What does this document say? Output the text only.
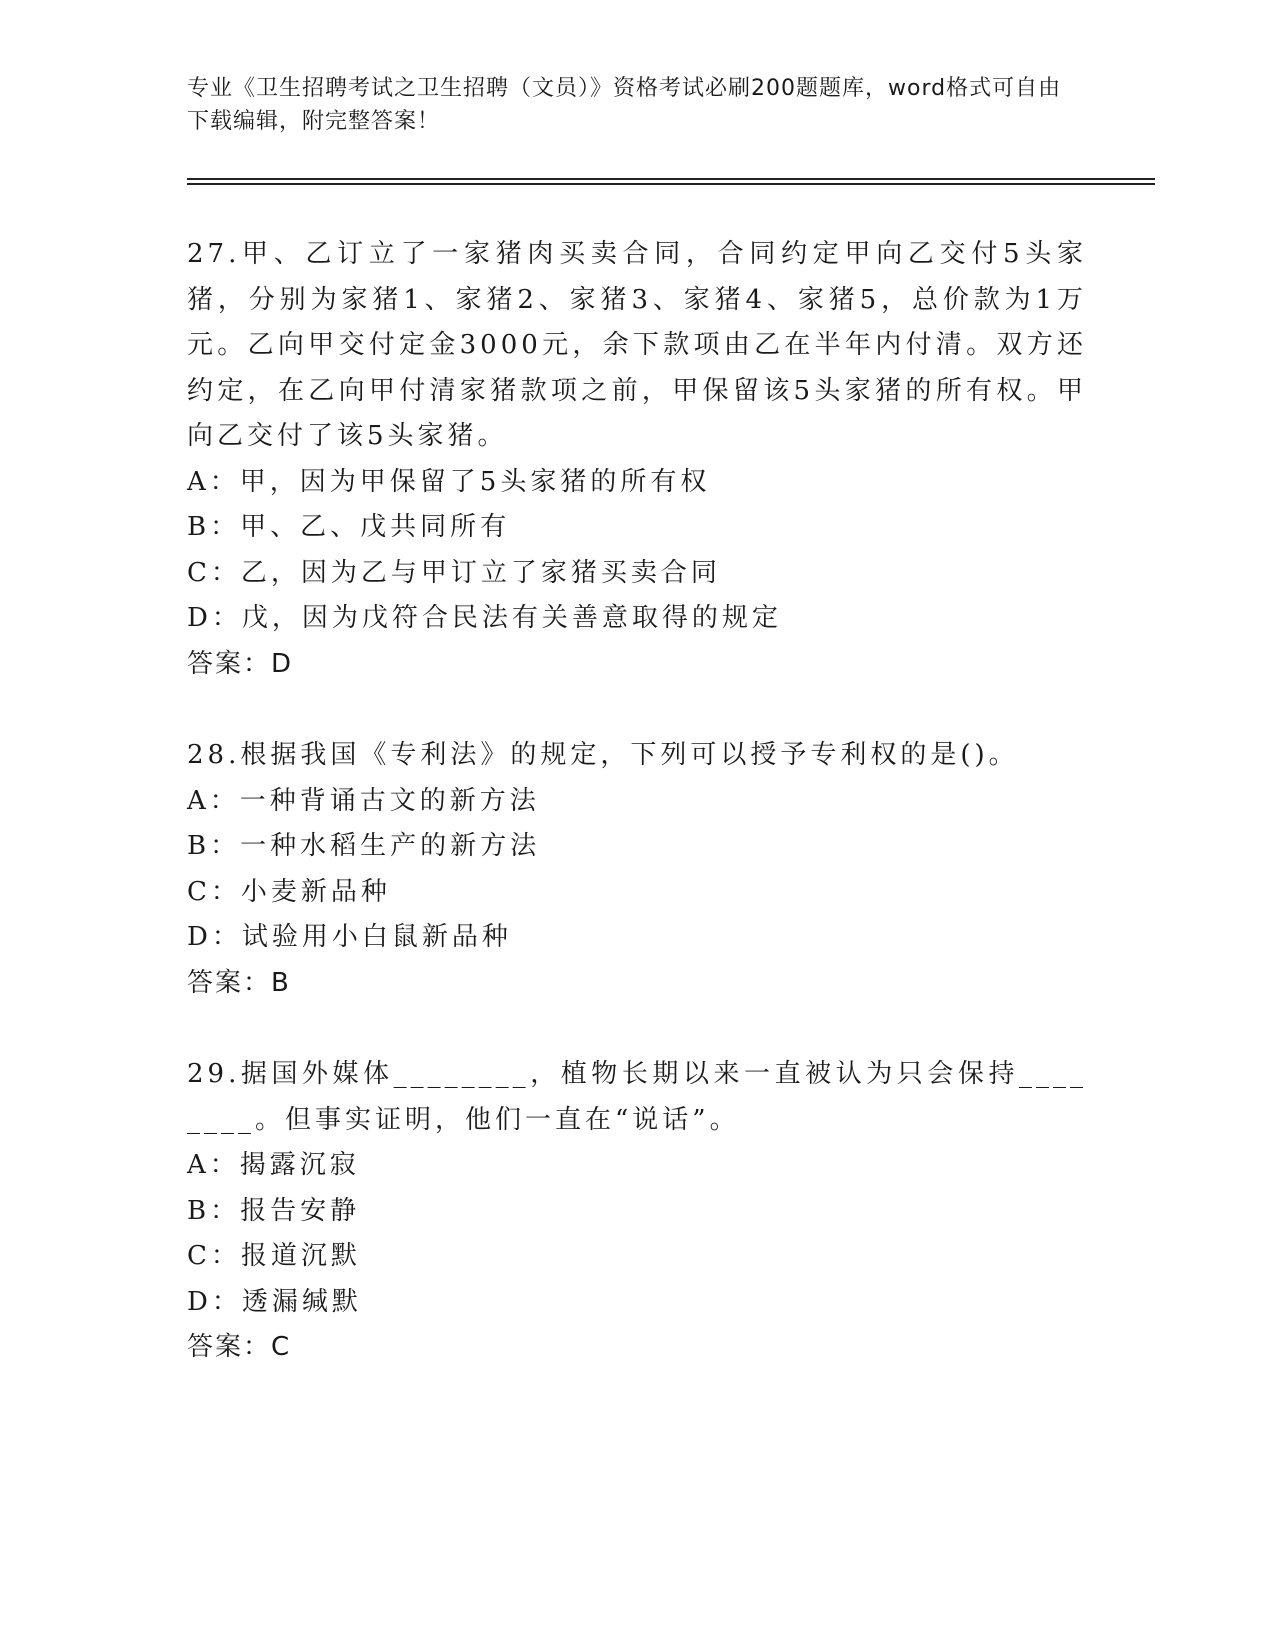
专业《卫生招聘考试之卫生招聘（文员）》资格考试必刷200题题库，word格式可自由下载编辑，附完整答案！

27.甲、乙订立了一家猪肉买卖合同，合同约定甲向乙交付5头家猪，分别为家猪1、家猪2、家猪3、家猪4、家猪5，总价款为1万元。乙向甲交付定金3000元，余下款项由乙在半年内付清。双方还约定，在乙向甲付清家猪款项之前，甲保留该5头家猪的所有权。甲向乙交付了该5头家猪。

A：甲，因为甲保留了5头家猪的所有权

B：甲、乙、戊共同所有

C：乙，因为乙与甲订立了家猪买卖合同

D：戊，因为戊符合民法有关善意取得的规定

答案：D

28.根据我国《专利法》的规定，下列可以授予专利权的是()。

A：一种背诵古文的新方法

B：一种水稻生产的新方法

C：小麦新品种

D：试验用小白鼠新品种

答案：B

29.据国外媒体________，植物长期以来一直被认为只会保持________。但事实证明，他们一直在“说话”。

A：揭露沉寂

B：报告安静

C：报道沉默

D：透漏缄默

答案：C
